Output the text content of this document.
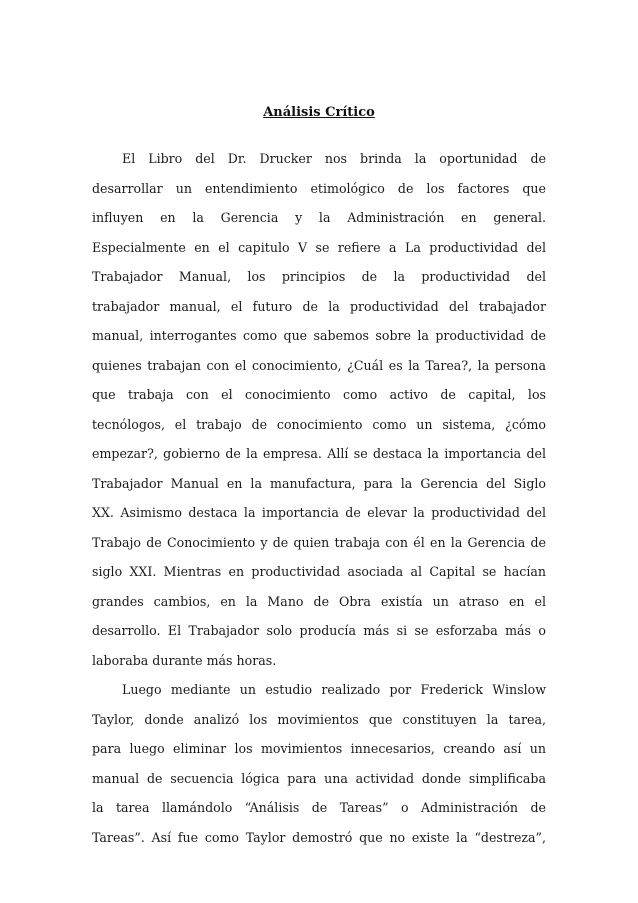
Análisis Crítico
El Libro del Dr. Drucker nos brinda la oportunidad de
desarrollar un entendimiento etimológico de los factores que
influyen en la Gerencia y la Administración en general.
Especialmente en el capitulo V se refiere a La productividad del
Trabajador Manual, los principios de la productividad del
trabajador manual, el futuro de la productividad del trabajador
manual, interrogantes como que sabemos sobre la productividad de
quienes trabajan con el conocimiento, ¿Cuál es la Tarea?, la persona
que trabaja con el conocimiento como activo de capital, los
tecnólogos, el trabajo de conocimiento como un sistema, ¿cómo
empezar?, gobierno de la empresa. Allí se destaca la importancia del
Trabajador Manual en la manufactura, para la Gerencia del Siglo
XX. Asimismo destaca la importancia de elevar la productividad del
Trabajo de Conocimiento y de quien trabaja con él en la Gerencia de
siglo XXI. Mientras en productividad asociada al Capital se hacían
grandes cambios, en la Mano de Obra existía un atraso en el
desarrollo. El Trabajador solo producía más si se esforzaba más o
laboraba durante más horas.
Luego mediante un estudio realizado por Frederick Winslow
Taylor, donde analizó los movimientos que constituyen la tarea,
para luego eliminar los movimientos innecesarios, creando así un
manual de secuencia lógica para una actividad donde simplificaba
la tarea llamándolo “Análisis de Tareas” o Administración de
Tareas”. Así fue como Taylor demostró que no existe la “destreza”,
